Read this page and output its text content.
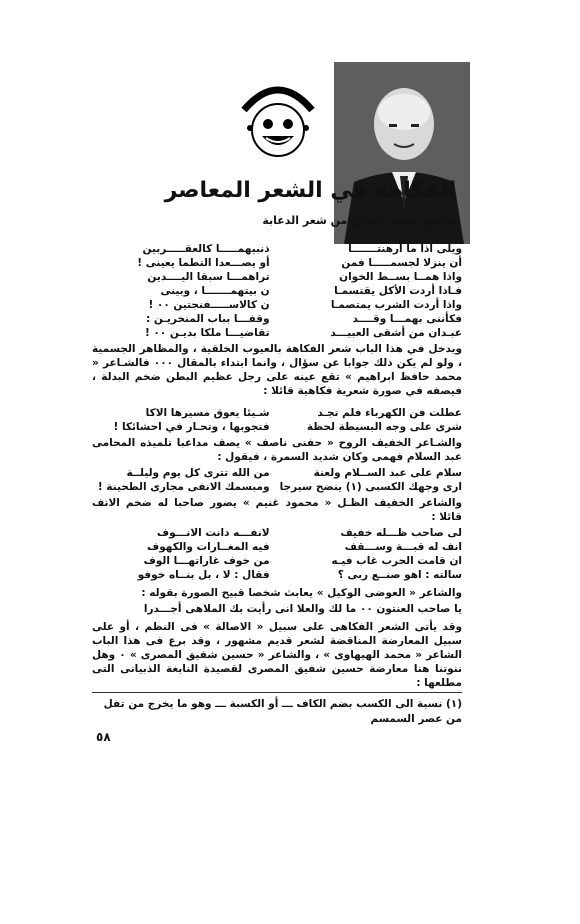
الفكاهة في الشعر المعاصر
محمود غنيم : نماذج من شعر الدعابة
ويلى اذا ما ارهنتـــــــا
ذنبيهمـــــا كالعقـــــربين
أن ينزلا لجسمـــــا فمن
أو يصـــعدا التطما يعينى !
واذا همــا بســط الخوان
تراهمـــا سبقا اليــــدين
فـاذا أردت الأكل يقتسمـا
ن بيتهمـــــــا ، وبينى
واذا أردت الشرب يمتصمـا
ن كالاســـــفنجتين ٠٠ !
فكأننى بهمـــا وقــــد
وقفـــا بباب المنخريـن :
عبـدان من أشقى العبيـــد
تقاضيـــا ملكا بديـن ٠٠ !

ويدخل في هذا الباب شعر الفكاهة بالعيوب الخلقية ، والمظاهر الجسمية ، ولو لم يكن ذلك جوابا عن سؤال ، وانما ابتداء بالمقال ٠٠٠ فالشـاعر « محمد حافظ ابراهيم » تقع عينه على رجل عظيم البطن ضخم البدلة ، فيصفه في صورة شعرية فكاهية قائلا :

عطلت فن الكهرباء فلم تجـد
شـيئا يعوق مسيرها الاكا
شرى على وجه البسيطة لحظة
فتجوبها ، وتحـار في احشائكا !

والشـاعر الخفيف الروح « حفنى ناصف » يصف مداعبا تلميذه المحامى عبد السلام فهمى وكان شديد السمرة ، فيقول :

سلام على عبد الســلام ولعنة
من الله تترى كل يوم وليلــة
ارى وجهك الكسبى (١) ينضح سيرجا
ومبسمك الانفى مجارى الطحينة !

والشاعر الخفيف الظـل « محمود غنيم » يصور صاحبا له ضخم الانف قائلا :

لى صاحب ظـــله خفيف
لانفـــه دانت الانـــوف
انف له قبـــة وســـقف
فيه المغــارات والكهوف
ان قامت الحرب غاب فيـه
من خوف غاراتهـــا الوف
سالته : اهو صنــع ربى ؟
فقال : لا ، بل بنــاه خوفو

والشاعر « العوضى الوكيل » يعابث شخصا قبيح الصورة بقوله :

يا صاحب العنتون ٠٠ ما لك والعلا انى رأيت بك الملاهى أجـــدرا

وقد يأتى الشعر الفكاهى على سبيل « الاصالة » فى النظم ، أو على سبيل المعارضة المناقضة لشعر قديم مشهور ، وقد برع فى هذا الباب الشاعر « محمد الهيهاوى » ، والشاعر « حسين شفيق المصرى » ٠ وهل ننوتنا هنا معارضة حسين شفيق المصرى لقصيدة النابغة الذبيانى التى مطلعها :

(١) نسبة الى الكسب بضم الكاف ـــ أو الكسبة ـــ وهو ما يخرج من تفل من عصر السمسم
٥٨
